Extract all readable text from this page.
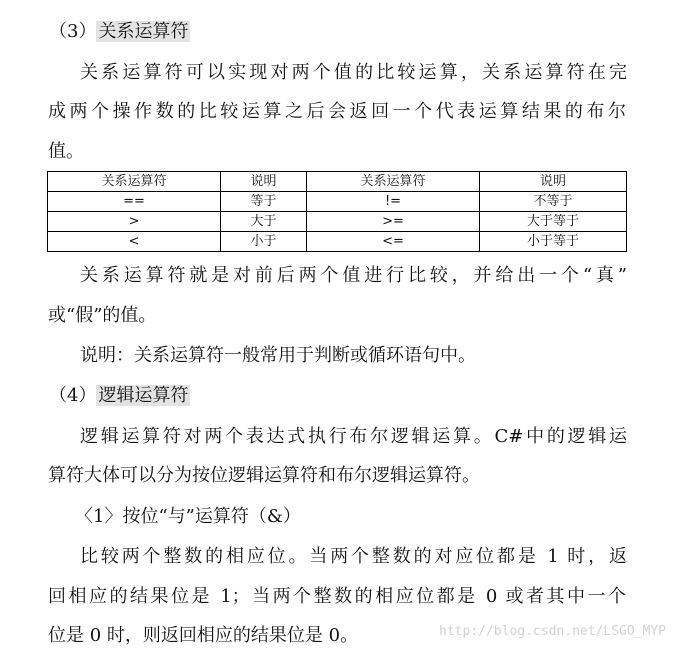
（3） 关系运算符
关系运算符可以实现对两个值的比较运算，关系运算符在完
成两个操作数的比较运算之后会返回一个代表运算结果的布尔
值。
关系运算符	说明	关系运算符	说明
==	等于	!=	不等于
>	大于	>=	大于等于
<	小于	<=	小于等于
关系运算符就是对前后两个值进行比较，并给出一个“真”
或“假”的值。
说明：关系运算符一般常用于判断或循环语句中。
（4） 逻辑运算符
逻辑运算符对两个表达式执行布尔逻辑运算。C#中的逻辑运
算符大体可以分为按位逻辑运算符和布尔逻辑运算符。
〈1〉按位“与”运算符（&）
比较两个整数的相应位。当两个整数的对应位都是 1 时，返
回相应的结果位是 1；当两个整数的相应位都是 0 或者其中一个
位是 0 时，则返回相应的结果位是 0。	http://blog.csdn.net/LSGO_MYP
